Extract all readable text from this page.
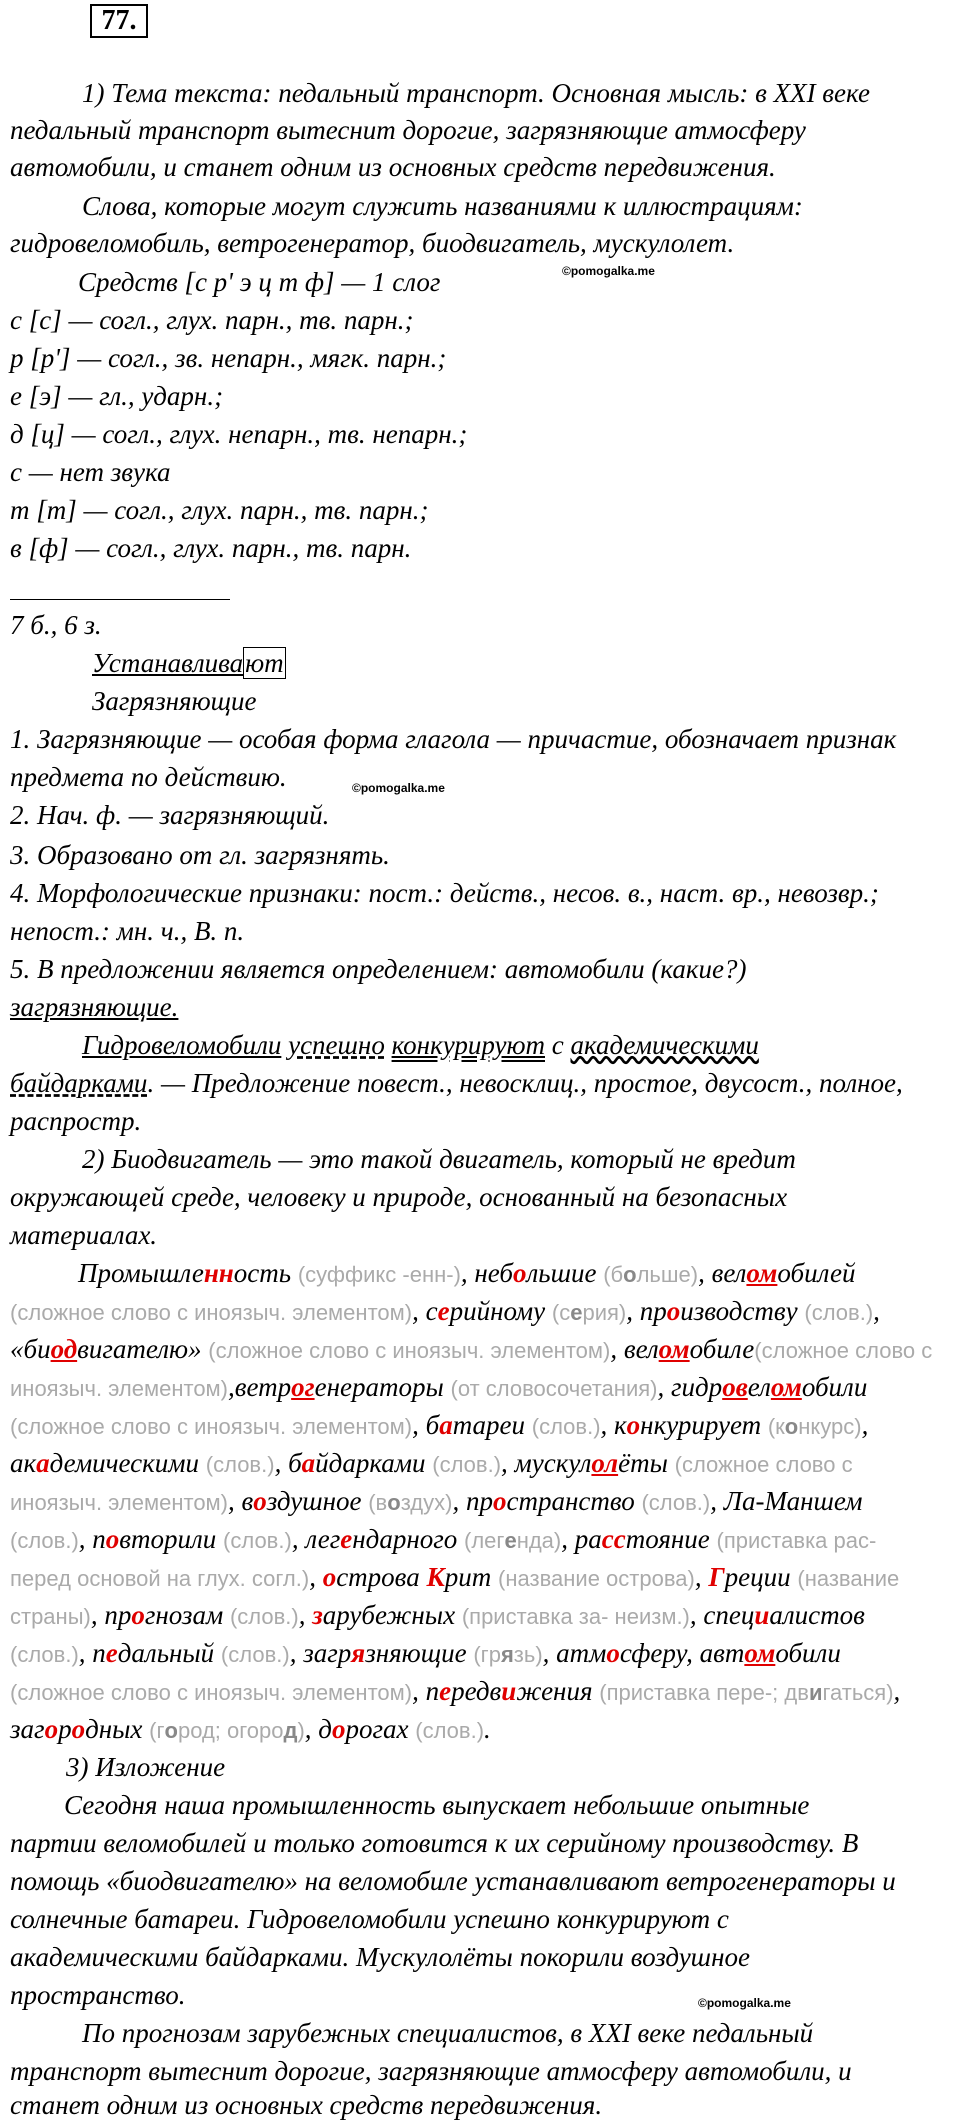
77.
1) Тема текста: педальный транспорт. Основная мысль: в XXI веке
педальный транспорт вытеснит дорогие, загрязняющие атмосферу
автомобили, и станет одним из основных средств передвижения.
Слова, которые могут служить названиями к иллюстрациям:
гидровеломобиль, ветрогенератор, биодвигатель, мускулолет.
©pomogalka.me
Средств [с р' э ц т ф] — 1 слог
с [с] — согл., глух. парн., тв. парн.;
р [р'] — согл., зв. непарн., мягк. парн.;
е [э] — гл., ударн.;
д [ц] — согл., глух. непарн., тв. непарн.;
с — нет звука
т [т] — согл., глух. парн., тв. парн.;
в [ф] — согл., глух. парн., тв. парн.
7 б., 6 з.
Устанавливают
Загрязняющие
1. Загрязняющие — особая форма глагола — причастие, обозначает признак
предмета по действию.	©pomogalka.me
2. Нач. ф. — загрязняющий.
3. Образовано от гл. загрязнять.
4. Морфологические признаки: пост.: действ., несов. в., наст. вр., невозвр.;
непост.: мн. ч., В. п.
5. В предложении является определением: автомобили (какие?)
загрязняющие.
Гидровеломобили успешно конкурируют с академическими
байдарками. — Предложение повест., невосклиц., простое, двусост., полное,
распростр.
2) Биодвигатель — это такой двигатель, который не вредит
окружающей среде, человеку и природе, основанный на безопасных
материалах.
Промышленность (суффикс -енн-), небольшие (больше), веломобилей
(сложное слово с иноязыч. элементом), серийному (серия), производству (слов.),
«биодвигателю» (сложное слово с иноязыч. элементом), веломобиле(сложное слово с
иноязыч. элементом),ветрогенераторы (от словосочетания), гидровеломобили
(сложное слово с иноязыч. элементом), батареи (слов.), конкурирует (конкурс),
академическими (слов.), байдарками (слов.), мускулолёты (сложное слово с
иноязыч. элементом), воздушное (воздух), пространство (слов.), Ла-Маншем
(слов.), повторили (слов.), легендарного (легенда), расстояние (приставка рас-
перед основой на глух. согл.), острова Крит (название острова), Греции (название
страны), прогнозам (слов.), зарубежных (приставка за- неизм.), специалистов
(слов.), педальный (слов.), загрязняющие (грязь), атмосферу, автомобили
(сложное слово с иноязыч. элементом), передвижения (приставка пере-; двигаться),
загородных (город; огород), дорогах (слов.).
3) Изложение
Сегодня наша промышленность выпускает небольшие опытные
партии веломобилей и только готовится к их серийному производству. В
помощь «биодвигателю» на веломобиле устанавливают ветрогенераторы и
солнечные батареи. Гидровеломобили успешно конкурируют с
академическими байдарками. Мускулолёты покорили воздушное
пространство.	©pomogalka.me
По прогнозам зарубежных специалистов, в XXI веке педальный
транспорт вытеснит дорогие, загрязняющие атмосферу автомобили, и
станет одним из основных средств передвижения.
